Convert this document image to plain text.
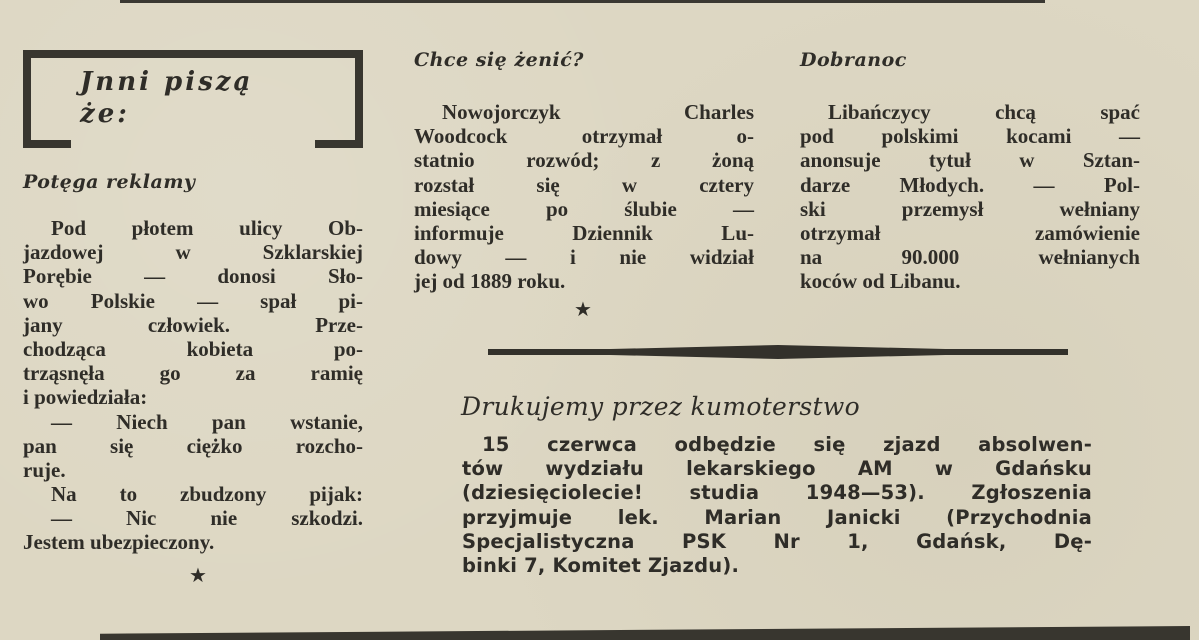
Jnni piszą
że:
Potęga reklamy
Pod płotem ulicy Ob-
jazdowej w Szklarskiej
Porębie — donosi Sło-
wo Polskie — spał pi-
jany człowiek. Prze-
chodząca kobieta po-
trząsnęła go za ramię
i powiedziała:
— Niech pan wstanie,
pan się ciężko rozcho-
ruje.
Na to zbudzony pijak:
— Nic nie szkodzi.
Jestem ubezpieczony.
★
Chce się żenić?
Nowojorczyk Charles
Woodcock otrzymał o-
statnio rozwód; z żoną
rozstał się w cztery
miesiące po ślubie —
informuje Dziennik Lu-
dowy — i nie widział
jej od 1889 roku.
★
Dobranoc
Libańczycy chcą spać
pod polskimi kocami —
anonsuje tytuł w Sztan-
darze Młodych. — Pol-
ski przemysł wełniany
otrzymał zamówienie
na 90.000 wełnianych
koców od Libanu.
Drukujemy przez kumoterstwo
15 czerwca odbędzie się zjazd absolwen-
tów wydziału lekarskiego AM w Gdańsku
(dziesięciolecie! studia 1948—53). Zgłoszenia
przyjmuje lek. Marian Janicki (Przychodnia
Specjalistyczna PSK Nr 1, Gdańsk, Dę-
binki 7, Komitet Zjazdu).
